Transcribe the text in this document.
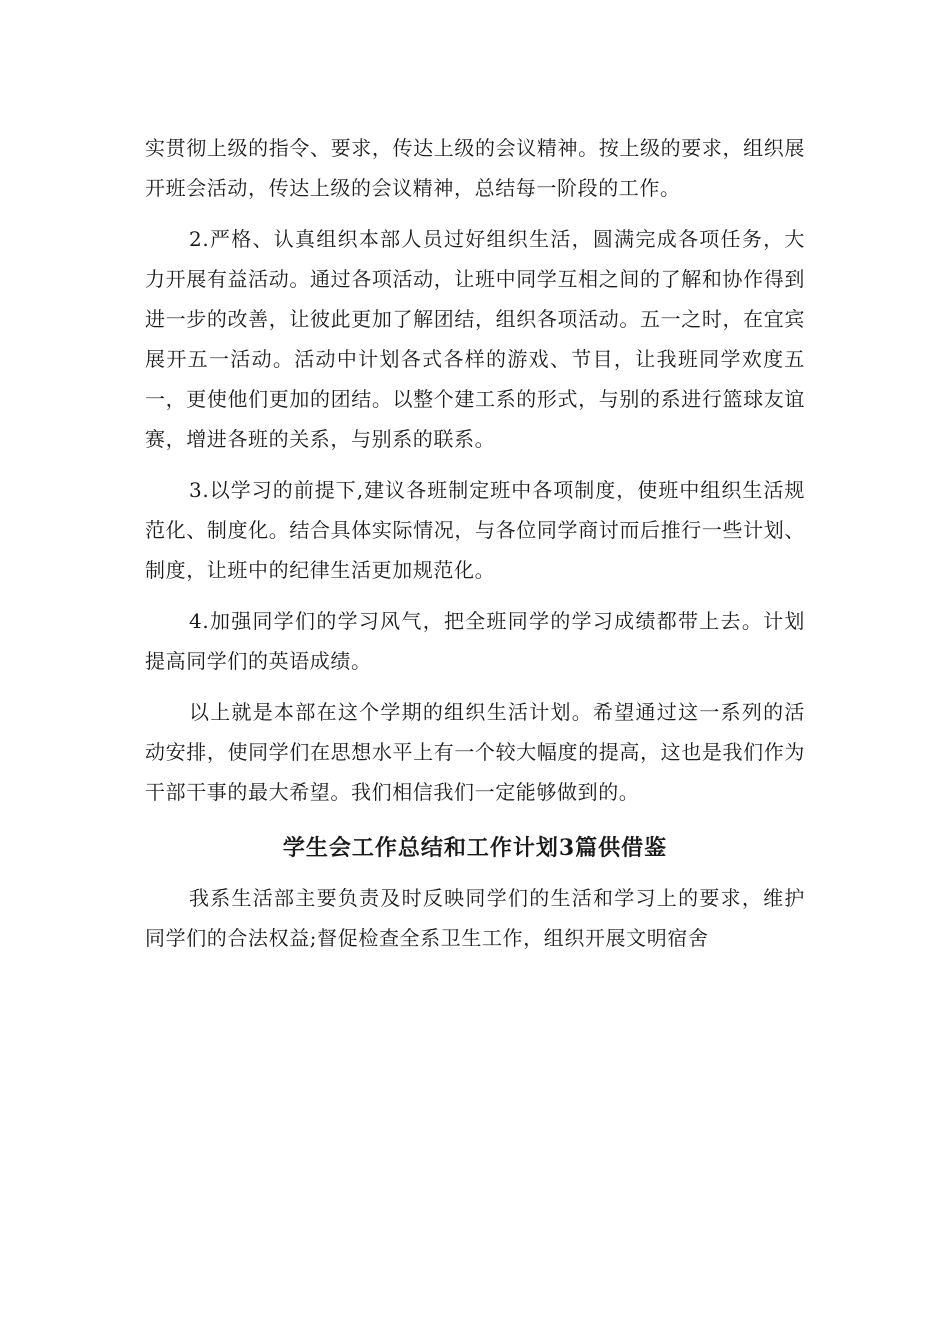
实贯彻上级的指令、要求，传达上级的会议精神。按上级的要求，组织展开班会活动，传达上级的会议精神，总结每一阶段的工作。

2.严格、认真组织本部人员过好组织生活，圆满完成各项任务，大力开展有益活动。通过各项活动，让班中同学互相之间的了解和协作得到进一步的改善，让彼此更加了解团结，组织各项活动。五一之时，在宜宾展开五一活动。活动中计划各式各样的游戏、节目，让我班同学欢度五一，更使他们更加的团结。以整个建工系的形式，与别的系进行篮球友谊赛，增进各班的关系，与别系的联系。

3.以学习的前提下,建议各班制定班中各项制度，使班中组织生活规范化、制度化。结合具体实际情况，与各位同学商讨而后推行一些计划、制度，让班中的纪律生活更加规范化。

4.加强同学们的学习风气，把全班同学的学习成绩都带上去。计划提高同学们的英语成绩。

以上就是本部在这个学期的组织生活计划。希望通过这一系列的活动安排，使同学们在思想水平上有一个较大幅度的提高，这也是我们作为干部干事的最大希望。我们相信我们一定能够做到的。

学生会工作总结和工作计划3篇供借鉴

我系生活部主要负责及时反映同学们的生活和学习上的要求，维护同学们的合法权益;督促检查全系卫生工作，组织开展文明宿舍
